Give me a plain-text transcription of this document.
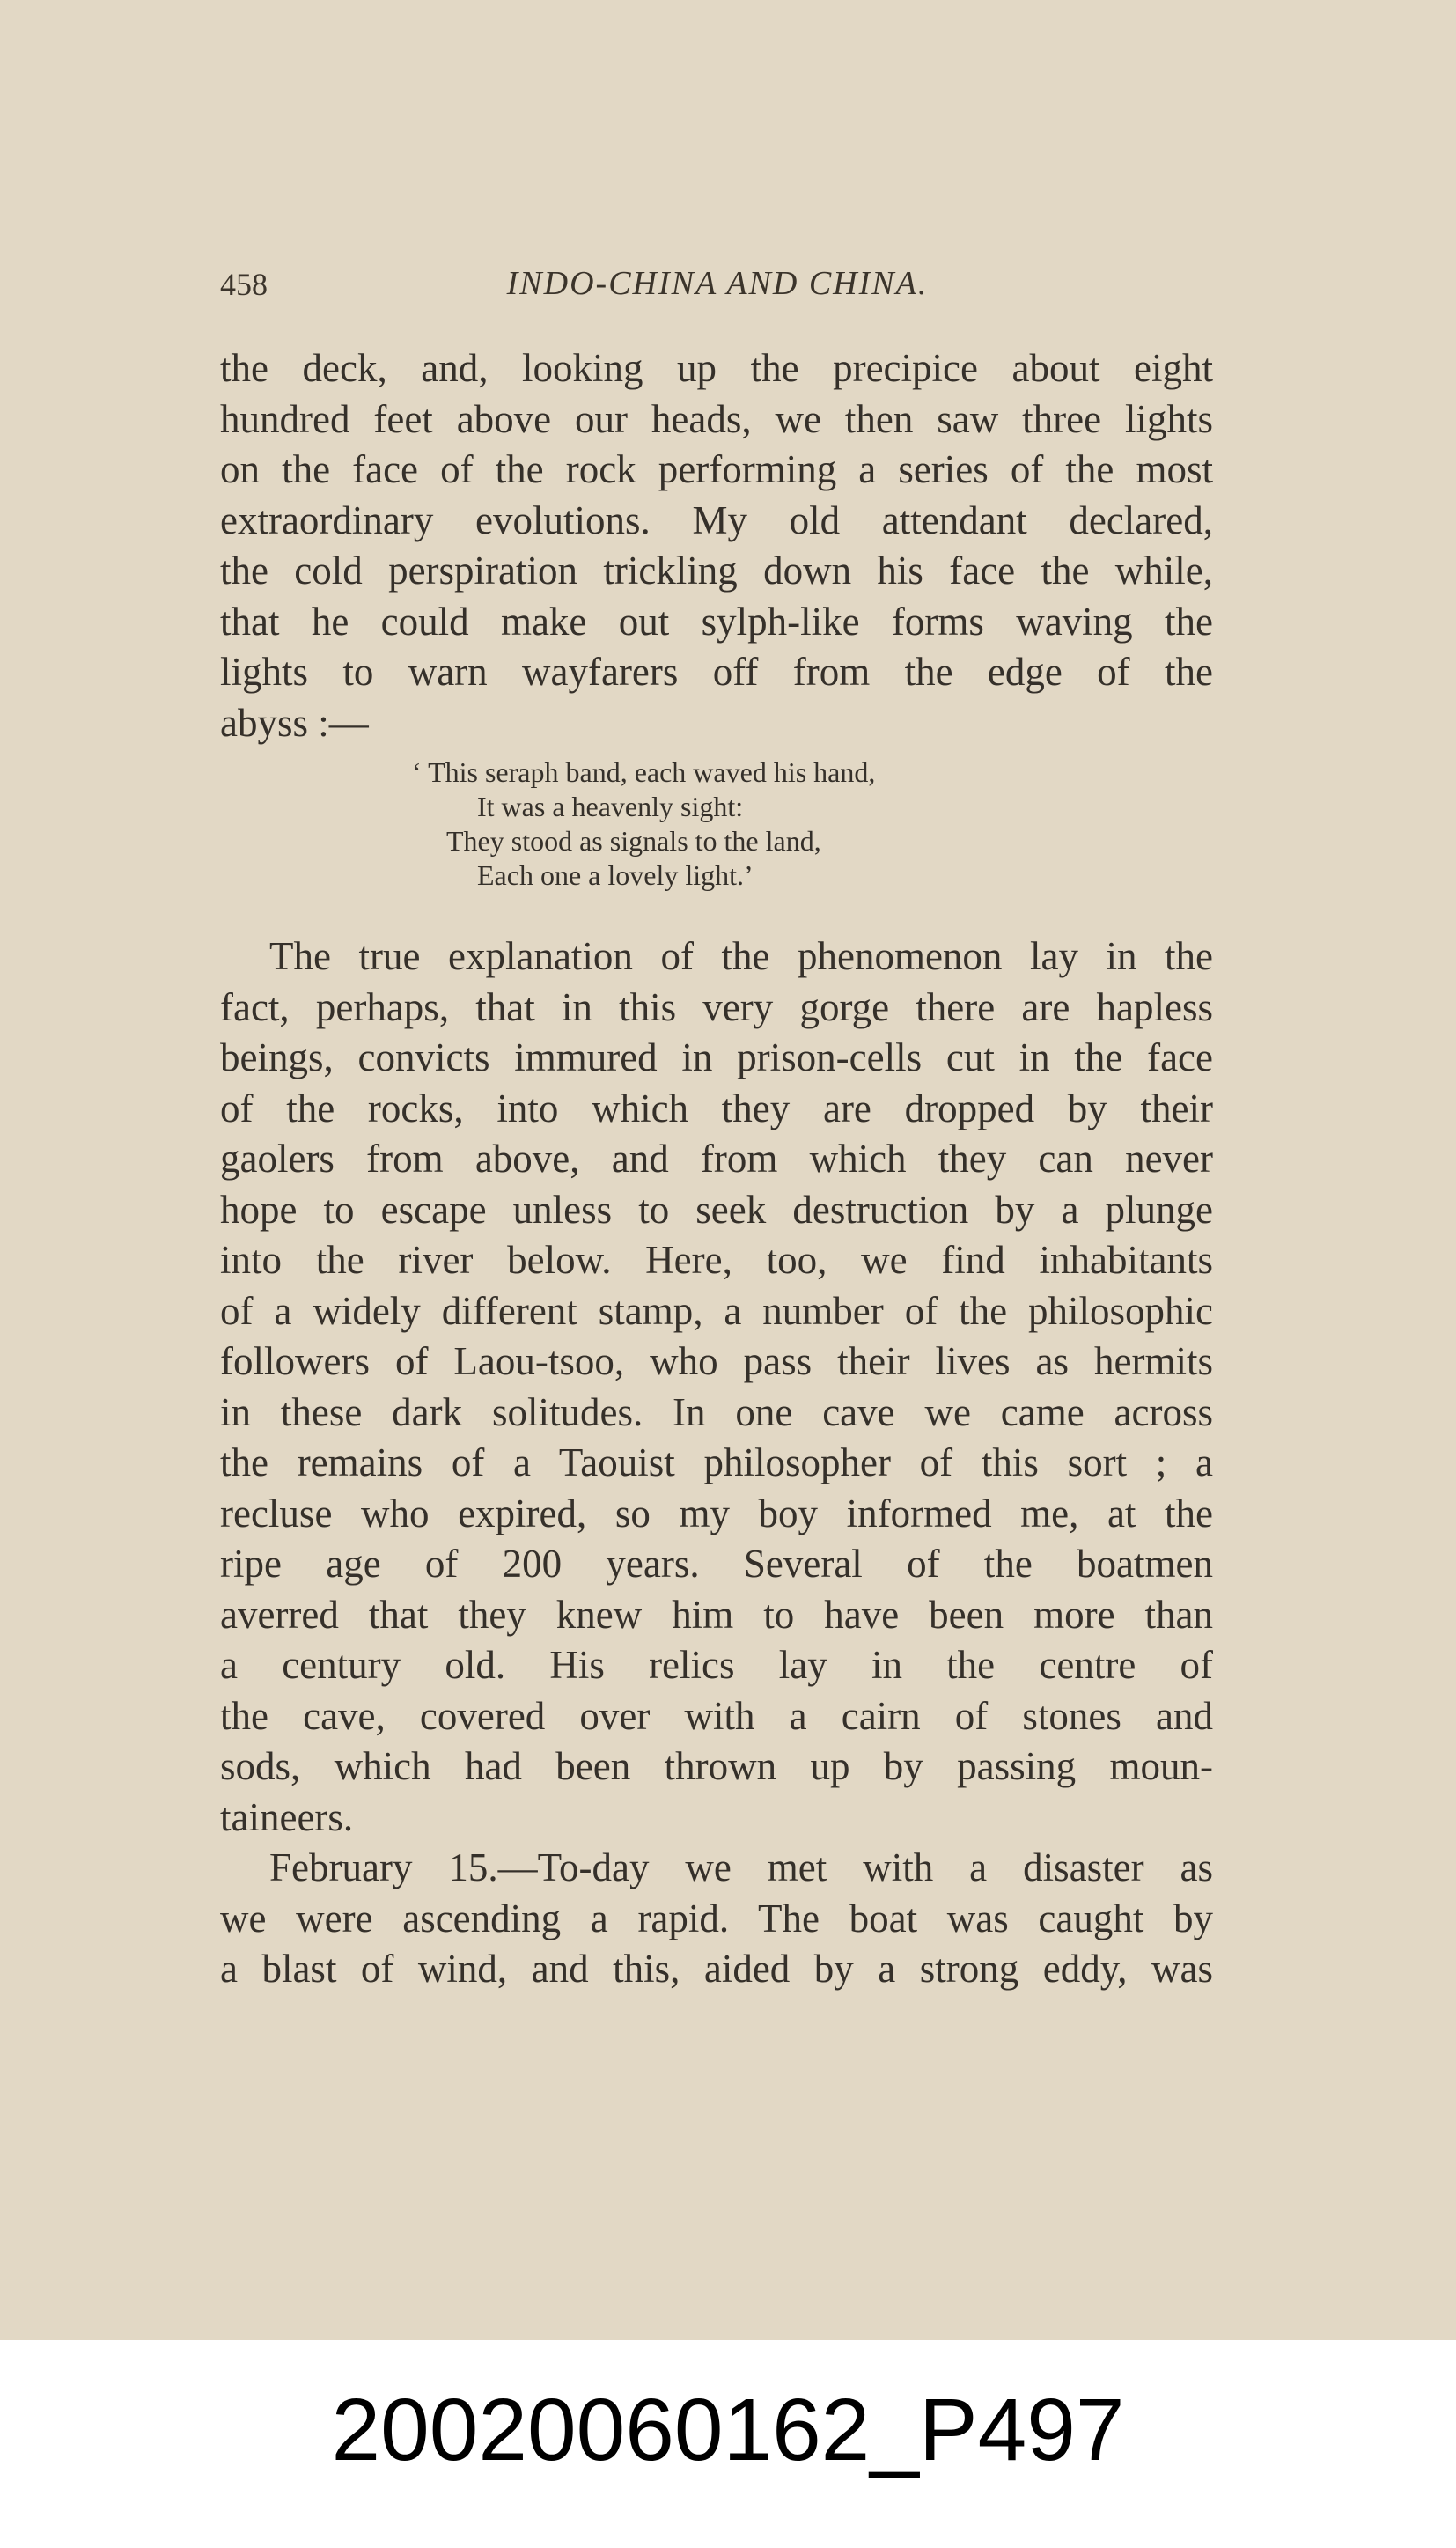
458	INDO-CHINA AND CHINA.
the deck, and, looking up the precipice about eight
hundred feet above our heads, we then saw three lights
on the face of the rock performing a series of the most
extraordinary evolutions. My old attendant declared,
the cold perspiration trickling down his face the while,
that he could make out sylph-like forms waving the
lights to warn wayfarers off from the edge of the
abyss :—
‘ This seraph band, each waved his hand,
It was a heavenly sight:
They stood as signals to the land,
Each one a lovely light.’
The true explanation of the phenomenon lay in the
fact, perhaps, that in this very gorge there are hapless
beings, convicts immured in prison-cells cut in the face
of the rocks, into which they are dropped by their
gaolers from above, and from which they can never
hope to escape unless to seek destruction by a plunge
into the river below. Here, too, we find inhabitants
of a widely different stamp, a number of the philosophic
followers of Laou-tsoo, who pass their lives as hermits
in these dark solitudes. In one cave we came across
the remains of a Taouist philosopher of this sort ; a
recluse who expired, so my boy informed me, at the
ripe age of 200 years. Several of the boatmen
averred that they knew him to have been more than
a century old. His relics lay in the centre of
the cave, covered over with a cairn of stones and
sods, which had been thrown up by passing moun-
taineers.
February 15.—To-day we met with a disaster as
we were ascending a rapid. The boat was caught by
a blast of wind, and this, aided by a strong eddy, was
20020060162_P497
